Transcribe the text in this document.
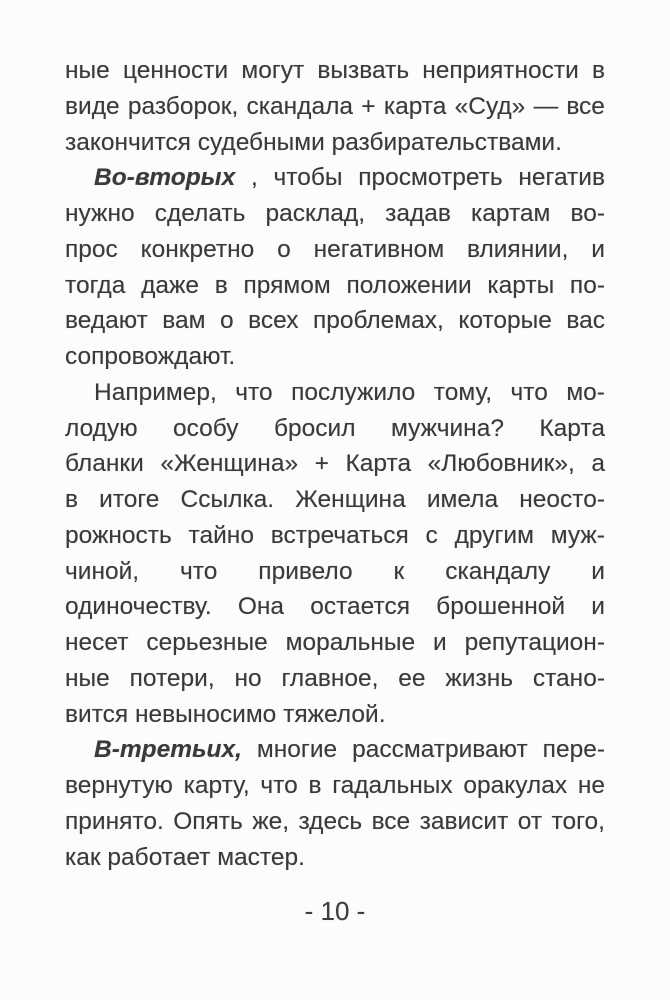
ные ценности могут вызвать неприятности в
виде разборок, скандала + карта «Суд» — все
закончится судебными разбирательствами.
Во-вторых , чтобы просмотреть негатив
нужно сделать расклад, задав картам во-
прос конкретно о негативном влиянии, и
тогда даже в прямом положении карты по-
ведают вам о всех проблемах, которые вас
сопровождают.
Например, что послужило тому, что мо-
лодую особу бросил мужчина? Карта
бланки «Женщина» + Карта «Любовник», а
в итоге Ссылка. Женщина имела неосто-
рожность тайно встречаться с другим муж-
чиной, что привело к скандалу и
одиночеству. Она остается брошенной и
несет серьезные моральные и репутацион-
ные потери, но главное, ее жизнь стано-
вится невыносимо тяжелой.
В-третьих, многие рассматривают пере-
вернутую карту, что в гадальных оракулах не
принято. Опять же, здесь все зависит от того,
как работает мастер.
- 10 -
